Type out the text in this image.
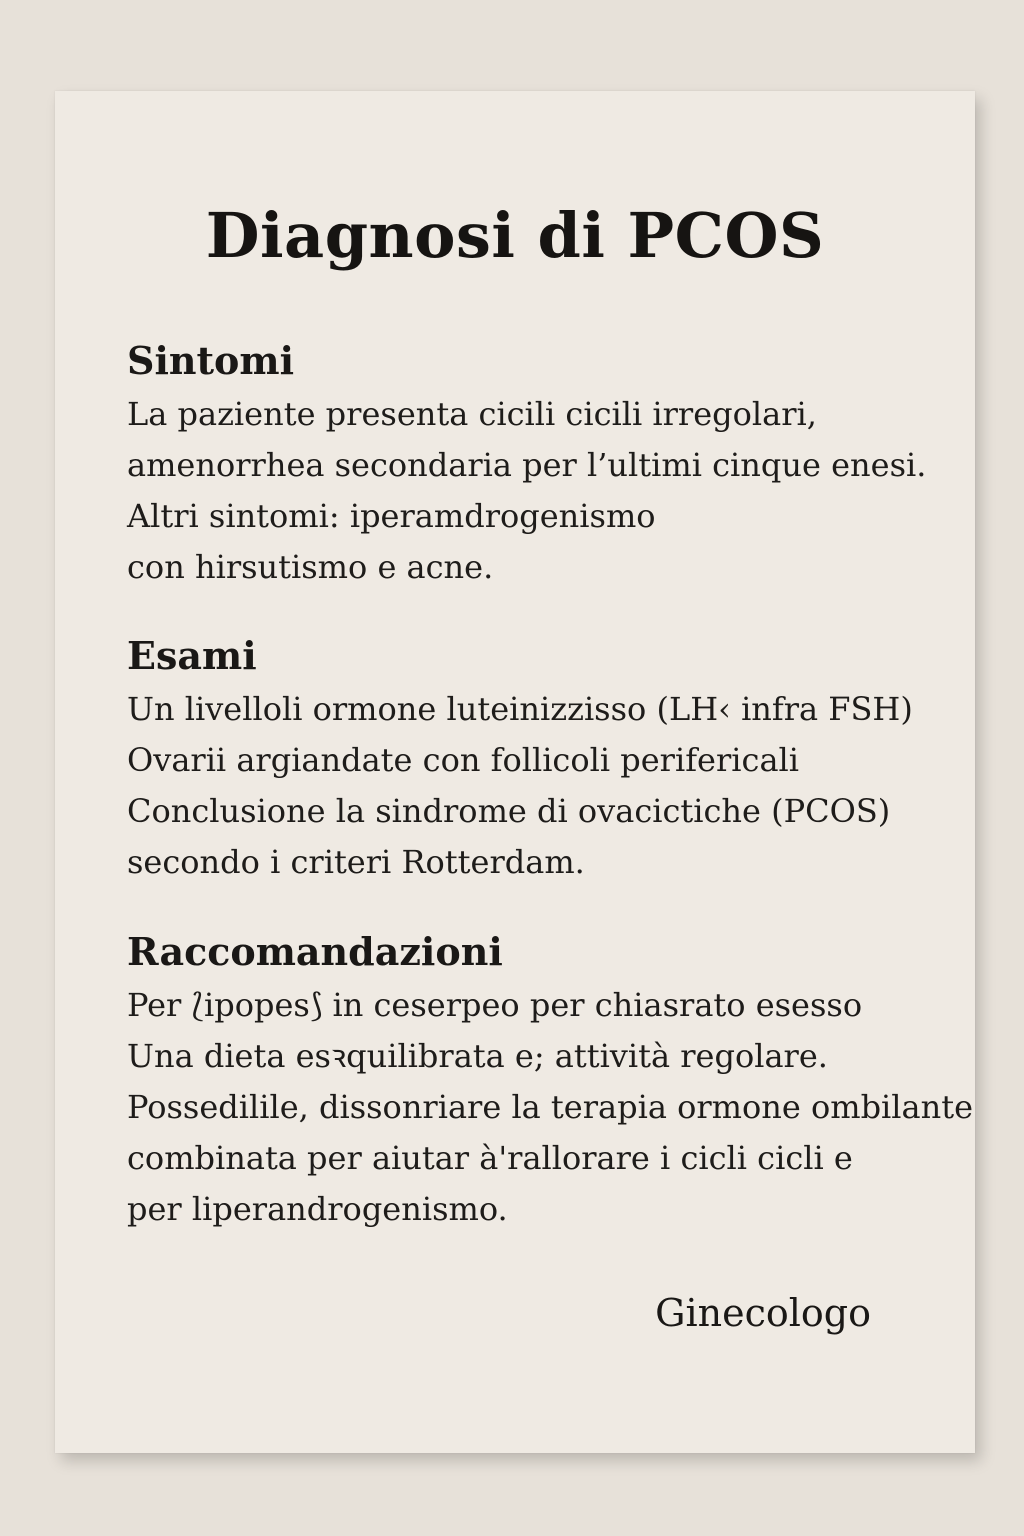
Diagnosi di PCOS
Sintomi

La paziente presenta cicili cicili irregolari,

amenorrhea secondaria per l’ultimi cinque enesi.

Altri sintomi: iperamdrogenismo

con hirsutismo e acne.

Esami

Un livelloli ormone luteinizzisso (LH‹ infra FSH)

Ovarii argiandate con follicoli perifericali

Conclusione la sindrome di ovacictiche (PCOS)

secondo i criteri Rotterdam.

Raccomandazioni

Per ⟅ipopes⟆ in ceserpeo per chiasrato esesso

Una dieta esꝛquilibrata e; attività regolare.

Possedilile, dissonriare la terapia ormone ombilante

combinata per aiutar à'rallorare i cicli cicli e

per liperandrogenismo.

Ginecologo
